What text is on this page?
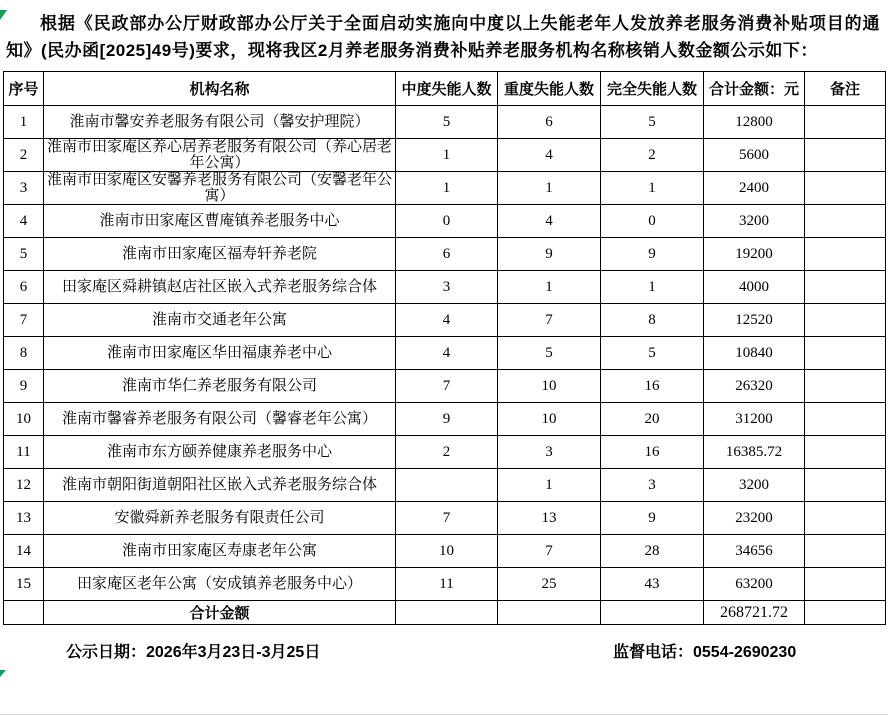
根据《民政部办公厅财政部办公厅关于全面启动实施向中度以上失能老年人发放养老服务消费补贴项目的通知》(民办函[2025]49号)要求，现将我区2月养老服务消费补贴养老服务机构名称核销人数金额公示如下：

序号	机构名称	中度失能人数	重度失能人数	完全失能人数	合计金额：元	备注
1	淮南市馨安养老服务有限公司（馨安护理院）	5	6	5	12800	
2	淮南市田家庵区养心居养老服务有限公司（养心居老年公寓）	1	4	2	5600	
3	淮南市田家庵区安馨养老服务有限公司（安馨老年公寓）	1	1	1	2400	
4	淮南市田家庵区曹庵镇养老服务中心	0	4	0	3200	
5	淮南市田家庵区福寿轩养老院	6	9	9	19200	
6	田家庵区舜耕镇赵店社区嵌入式养老服务综合体	3	1	1	4000	
7	淮南市交通老年公寓	4	7	8	12520	
8	淮南市田家庵区华田福康养老中心	4	5	5	10840	
9	淮南市华仁养老服务有限公司	7	10	16	26320	
10	淮南市馨睿养老服务有限公司（馨睿老年公寓）	9	10	20	31200	
11	淮南市东方颐养健康养老服务中心	2	3	16	16385.72	
12	淮南市朝阳街道朝阳社区嵌入式养老服务综合体		1	3	3200	
13	安徽舜新养老服务有限责任公司	7	13	9	23200	
14	淮南市田家庵区寿康老年公寓	10	7	28	34656	
15	田家庵区老年公寓（安成镇养老服务中心）	11	25	43	63200	
	合计金额				268721.72	
公示日期：2026年3月23日-3月25日	监督电话：0554-2690230
